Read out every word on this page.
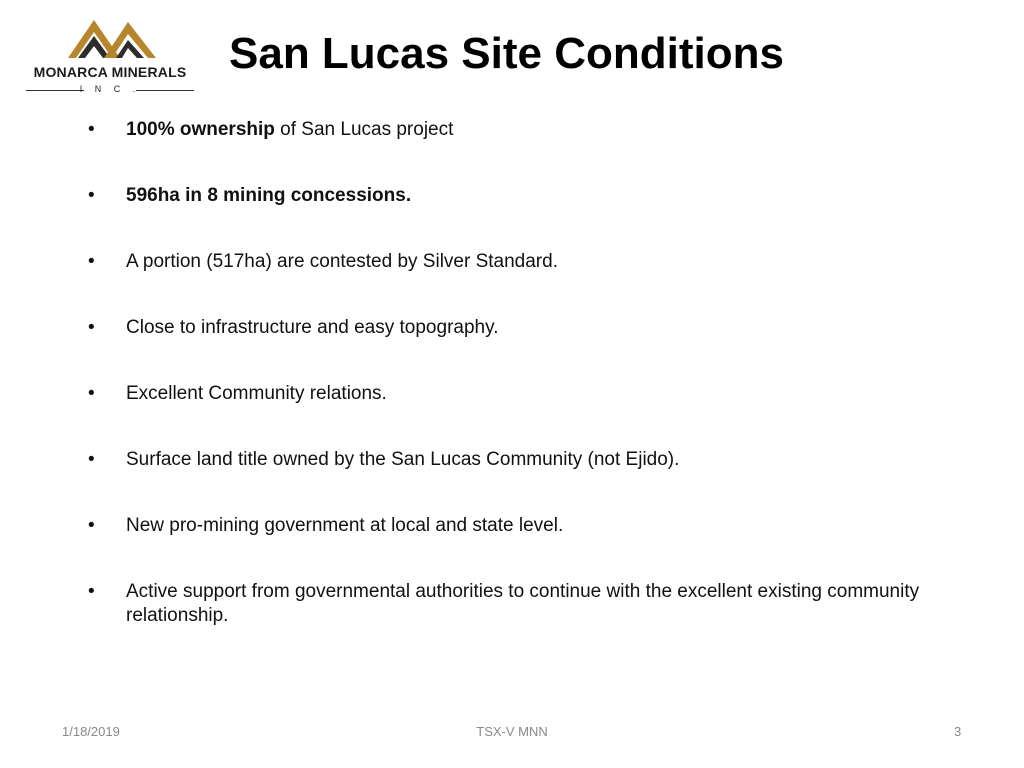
MONARCA MINERALS
I N C .
San Lucas Site Conditions
• 100% ownership of San Lucas project
• 596ha in 8 mining concessions.
• A portion (517ha) are contested by Silver Standard.
• Close to infrastructure and easy topography.
• Excellent Community relations.
• Surface land title owned by the San Lucas Community (not Ejido).
• New pro-mining government at local and state level.
• Active support from governmental authorities to continue with the excellent existing community relationship.
1/18/2019	TSX-V MNN	3
